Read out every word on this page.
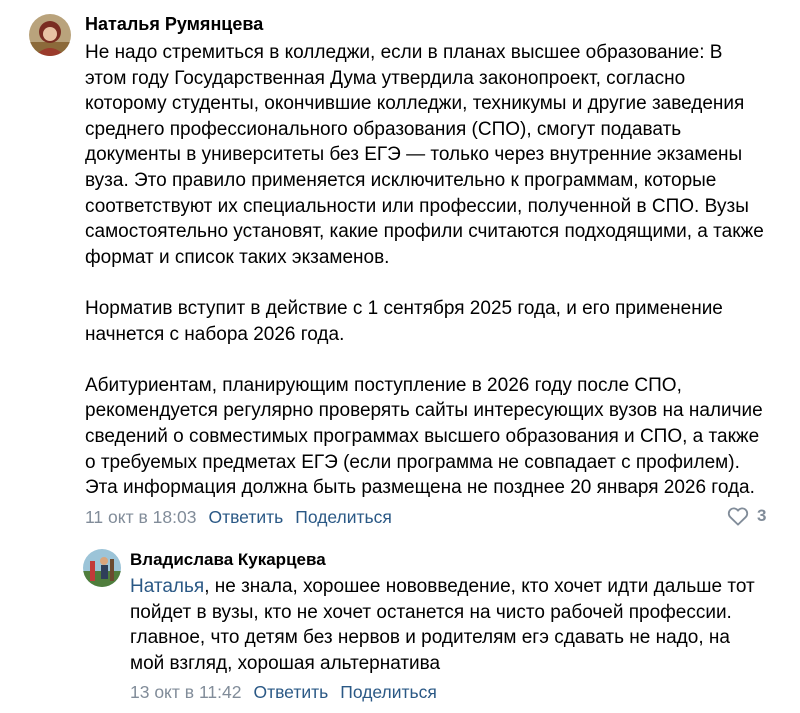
Наталья Румянцева

Не надо стремиться в колледжи, если в планах высшее образование: В этом году Государственная Дума утвердила законопроект, согласно которому студенты, окончившие колледжи, техникумы и другие заведения среднего профессионального образования (СПО), смогут подавать документы в университеты без ЕГЭ — только через внутренние экзамены вуза. Это правило применяется исключительно к программам, которые соответствуют их специальности или профессии, полученной в СПО. Вузы самостоятельно установят, какие профили считаются подходящими, а также формат и список таких экзаменов.

Норматив вступит в действие с 1 сентября 2025 года, и его применение начнется с набора 2026 года.

Абитуриентам, планирующим поступление в 2026 году после СПО, рекомендуется регулярно проверять сайты интересующих вузов на наличие сведений о совместимых программах высшего образования и СПО, а также о требуемых предметах ЕГЭ (если программа не совпадает с профилем). Эта информация должна быть размещена не позднее 20 января 2026 года.

11 окт в 18:03 Ответить Поделиться	3
Владислава Кукарцева
Наталья, не знала, хорошее нововведение, кто хочет идти дальше тот пойдет в вузы, кто не хочет останется на чисто рабочей профессии. главное, что детям без нервов и родителям егэ сдавать не надо, на мой взгляд, хорошая альтернатива
13 окт в 11:42 Ответить Поделиться
